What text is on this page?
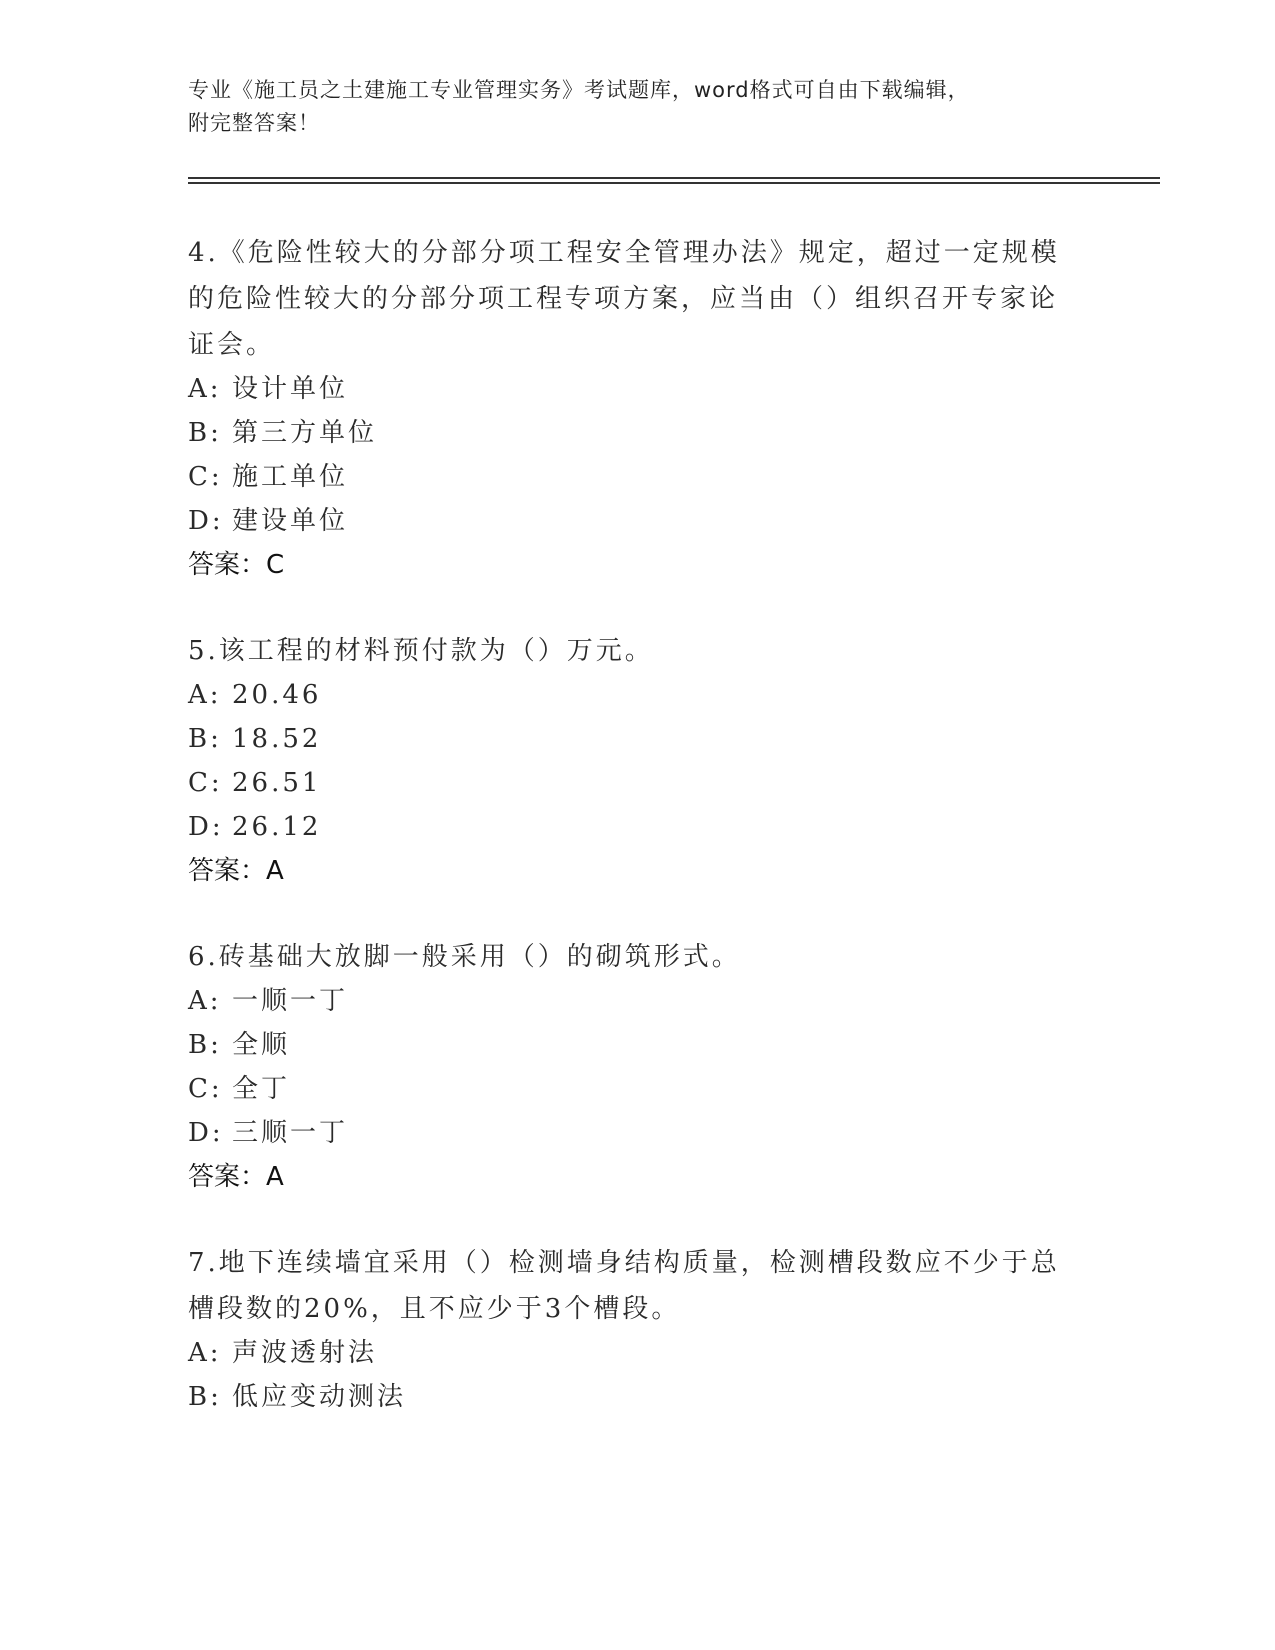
专业《施工员之土建施工专业管理实务》考试题库，word格式可自由下载编辑，
附完整答案！
4.《危险性较大的分部分项工程安全管理办法》规定，超过一定规模的危险性较大的分部分项工程专项方案，应当由（）组织召开专家论证会。
A: 设计单位
B: 第三方单位
C: 施工单位
D: 建设单位
答案：C
5.该工程的材料预付款为（）万元。
A: 20.46
B: 18.52
C: 26.51
D: 26.12
答案：A
6.砖基础大放脚一般采用（）的砌筑形式。
A: 一顺一丁
B: 全顺
C: 全丁
D: 三顺一丁
答案：A
7.地下连续墙宜采用（）检测墙身结构质量，检测槽段数应不少于总槽段数的20%，且不应少于3个槽段。
A: 声波透射法
B: 低应变动测法
